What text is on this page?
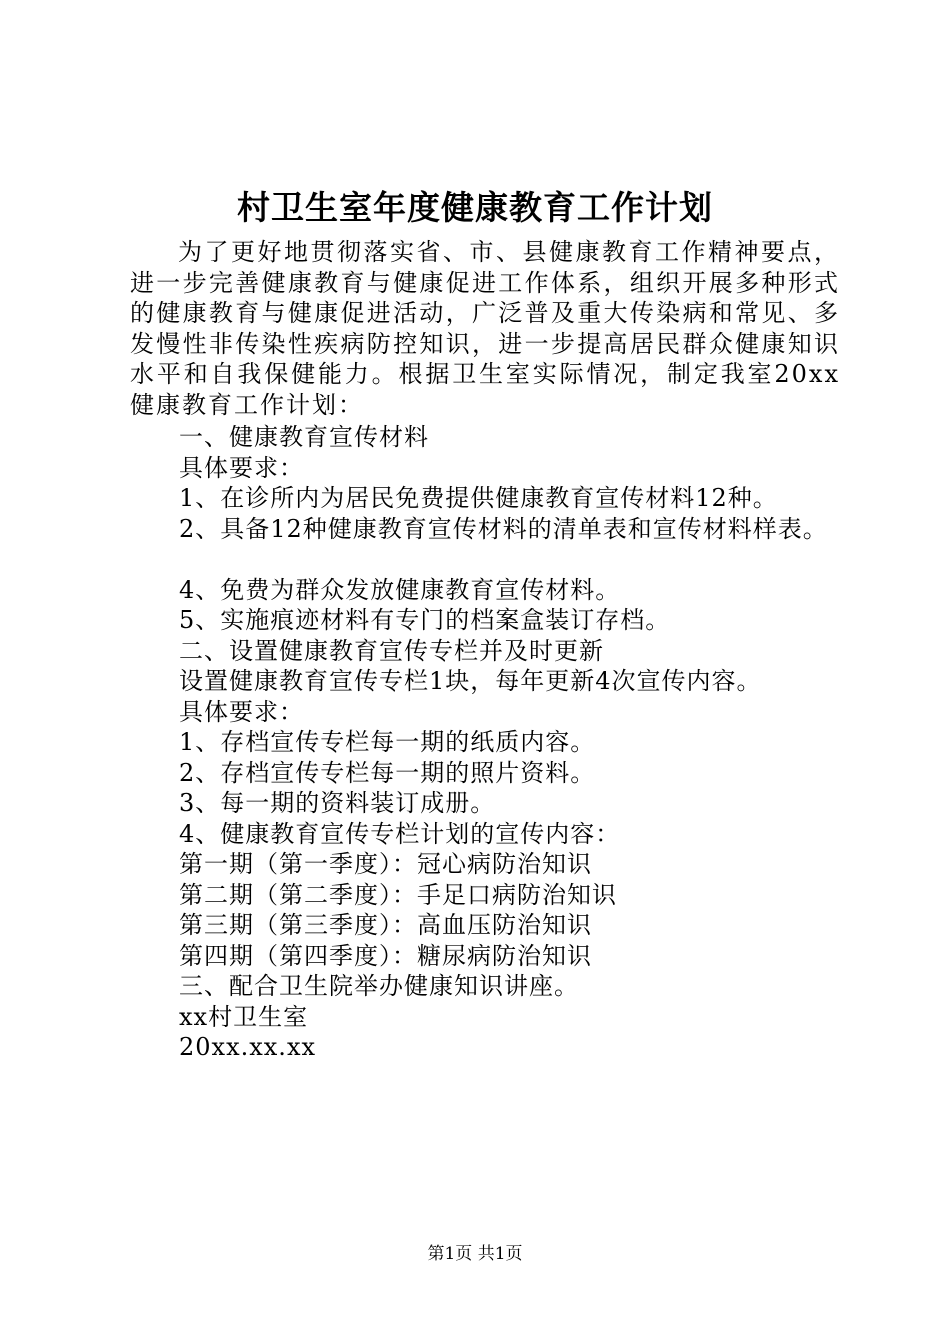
村卫生室年度健康教育工作计划

为了更好地贯彻落实省、市、县健康教育工作精神要点，进一步完善健康教育与健康促进工作体系，组织开展多种形式的健康教育与健康促进活动，广泛普及重大传染病和常见、多发慢性非传染性疾病防控知识，进一步提高居民群众健康知识水平和自我保健能力。根据卫生室实际情况，制定我室20xx健康教育工作计划：

一、健康教育宣传材料
具体要求：
1、在诊所内为居民免费提供健康教育宣传材料12种。
2、具备12种健康教育宣传材料的清单表和宣传材料样表。
4、免费为群众发放健康教育宣传材料。
5、实施痕迹材料有专门的档案盒装订存档。
二、设置健康教育宣传专栏并及时更新
设置健康教育宣传专栏1块，每年更新4次宣传内容。
具体要求：
1、存档宣传专栏每一期的纸质内容。
2、存档宣传专栏每一期的照片资料。
3、每一期的资料装订成册。
4、健康教育宣传专栏计划的宣传内容：
第一期（第一季度）：冠心病防治知识
第二期（第二季度）：手足口病防治知识
第三期（第三季度）：高血压防治知识
第四期（第四季度）：糖尿病防治知识
三、配合卫生院举办健康知识讲座。
xx村卫生室
20xx.xx.xx
第1页 共1页
